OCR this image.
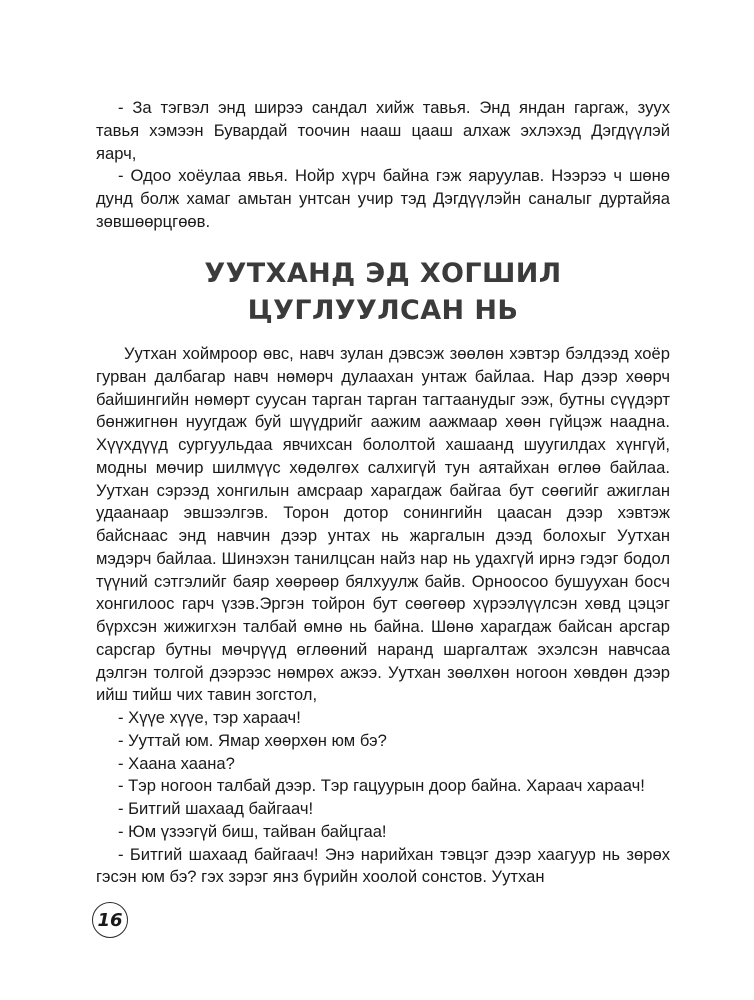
- За тэгвэл энд ширээ сандал хийж тавья. Энд яндан гаргаж, зуух тавья хэмээн Бувардай тоочин нааш цааш алхаж эхлэхэд Дэгдүүлэй яарч,

- Одоо хоёулаа явья. Нойр хүрч байна гэж яаруулав. Нээрээ ч шөнө дунд болж хамаг амьтан унтсан учир тэд Дэгдүүлэйн саналыг дуртайяа зөвшөөрцгөөв.

УУТХАНД ЭД ХОГШИЛ
ЦУГЛУУЛСАН НЬ

Уутхан хоймроор өвс, навч зулан дэвсэж зөөлөн хэвтэр бэлдээд хоёр гурван далбагар навч нөмөрч дулаахан унтаж байлаа. Нар дээр хөөрч байшингийн нөмөрт суусан тарган тарган тагтаанудыг ээж, бутны сүүдэрт бөнжигнөн нуугдаж буй шүүдрийг аажим аажмаар хөөн гүйцэж наадна. Хүүхдүүд сургуульдаа явчихсан бололтой хашаанд шуугилдах хүнгүй, модны мөчир шилмүүс хөдөлгөх салхигүй тун аятайхан өглөө байлаа. Уутхан сэрээд хонгилын амсраар харагдаж байгаа бут сөөгийг ажиглан удаанаар эвшээлгэв. Торон дотор сонингийн цаасан дээр хэвтэж байснаас энд навчин дээр унтах нь жаргалын дээд болохыг Уутхан мэдэрч байлаа. Шинэхэн танилцсан найз нар нь удахгүй ирнэ гэдэг бодол түүний сэтгэлийг баяр хөөрөөр бялхуулж байв. Орноосоо бушуухан босч хонгилоос гарч үзэв.Эргэн тойрон бут сөөгөөр хүрээлүүлсэн хөвд цэцэг бүрхсэн жижигхэн талбай өмнө нь байна. Шөнө харагдаж байсан арсгар сарсгар бутны мөчрүүд өглөөний наранд шаргалтаж эхэлсэн навчсаа дэлгэн толгой дээрээс нөмрөх ажээ. Уутхан зөөлхөн ногоон хөвдөн дээр ийш тийш чих тавин зогстол,

- Хүүе хүүе, тэр хараач!

- Ууттай юм. Ямар хөөрхөн юм бэ?

- Хаана хаана?

- Тэр ногоон талбай дээр. Тэр гацуурын доор байна. Хараач хараач!

- Битгий шахаад байгаач!

- Юм үзээгүй биш, тайван байцгаа!

- Битгий шахаад байгаач! Энэ нарийхан тэвцэг дээр хаагуур нь зөрөх гэсэн юм бэ? гэх зэрэг янз бүрийн хоолой сонстов. Уутхан

16
